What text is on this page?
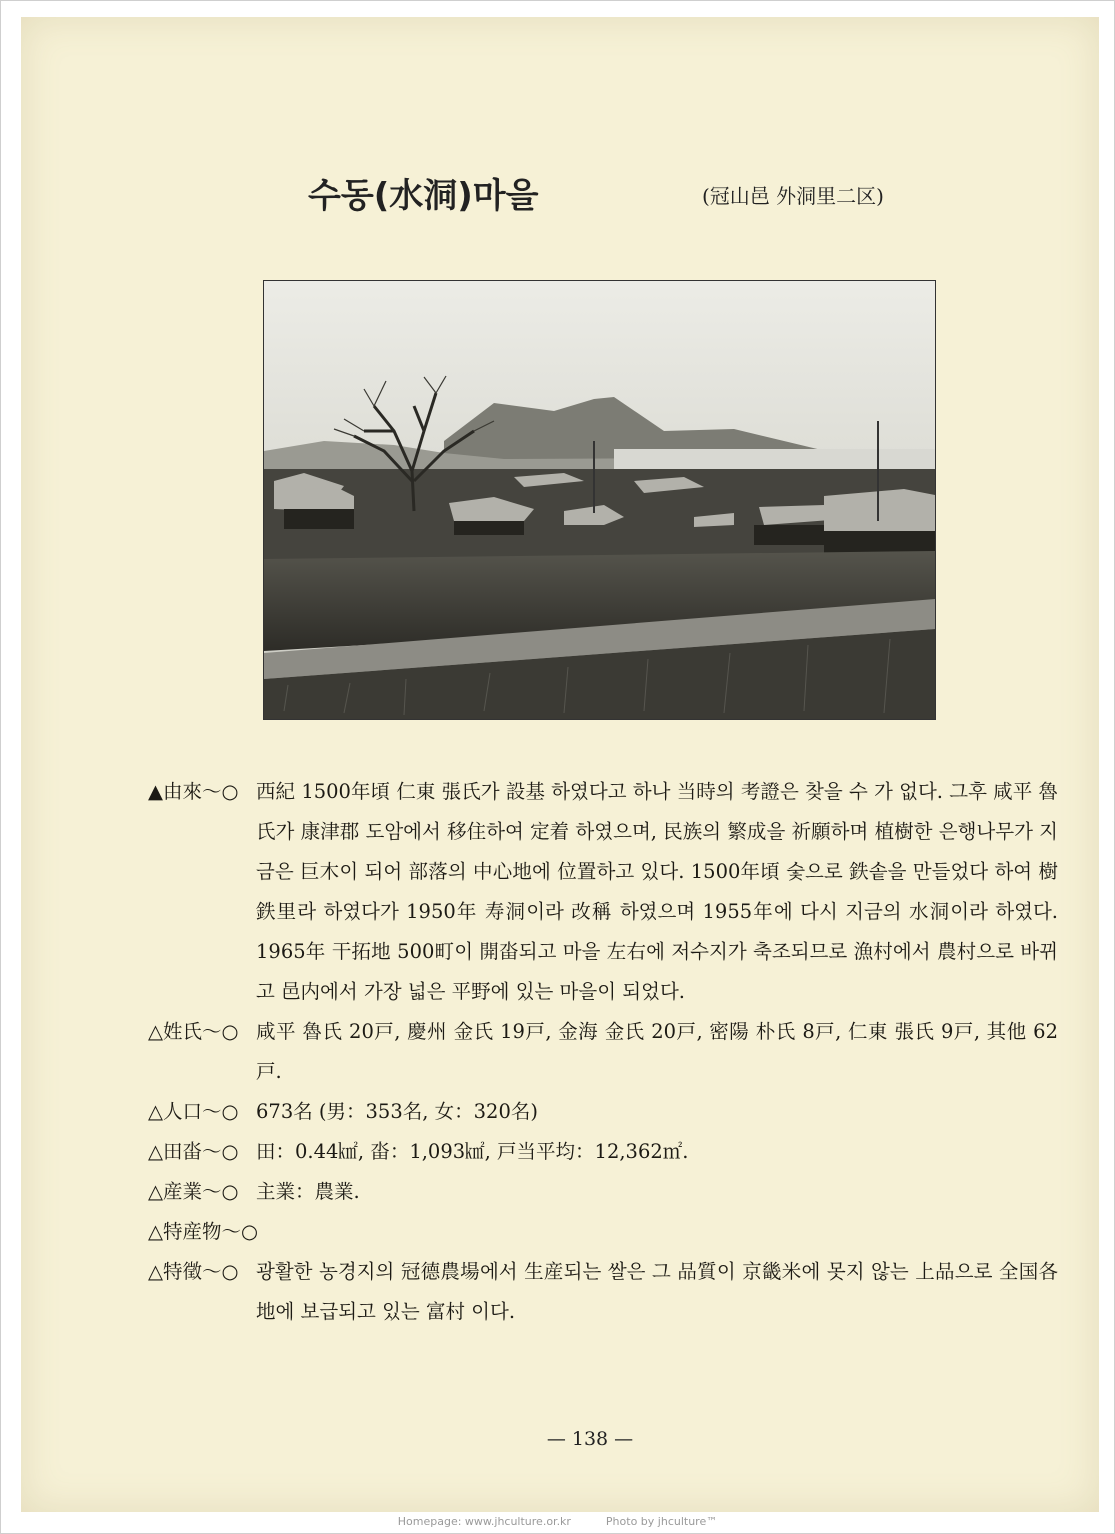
수동(水洞)마을	(冠山邑 外洞里二区)
▲由來～○ 西紀 1500年頃 仁東 張氏가 設基 하였다고 하나 当時의 考證은 찾을 수 가 없다. 그후 咸平 魯氏가 康津郡 도암에서 移住하여 定着 하였으며, 民族의 繁成을 祈願하며 植樹한 은행나무가 지금은 巨木이 되어 部落의 中心地에 位置하고 있다. 1500年頃 숯으로 鉄솥을 만들었다 하여 樹鉄里라 하였다가 1950年 寿洞이라 改稱 하였으며 1955年에 다시 지금의 水洞이라 하였다. 1965年 干拓地 500町이 開畓되고 마을 左右에 저수지가 축조되므로 漁村에서 農村으로 바뀌고 邑内에서 가장 넓은 平野에 있는 마을이 되었다.
△姓氏～○ 咸平 魯氏 20戸, 慶州 金氏 19戸, 金海 金氏 20戸, 密陽 朴氏 8戸, 仁東 張氏 9戸, 其他 62戸.
△人口～○ 673名 (男：353名, 女：320名)
△田畓～○ 田：0.44㎢, 畓：1,093㎢, 戸当平均：12,362㎡.
△産業～○ 主業：農業.
△特産物～○
△特徵～○ 광활한 농경지의 冠德農場에서 生産되는 쌀은 그 品質이 京畿米에 못지 않는 上品으로 全国各地에 보급되고 있는 富村 이다.
— 138 —
Homepage: www.jhculture.or.kr	Photo by jhculture™
